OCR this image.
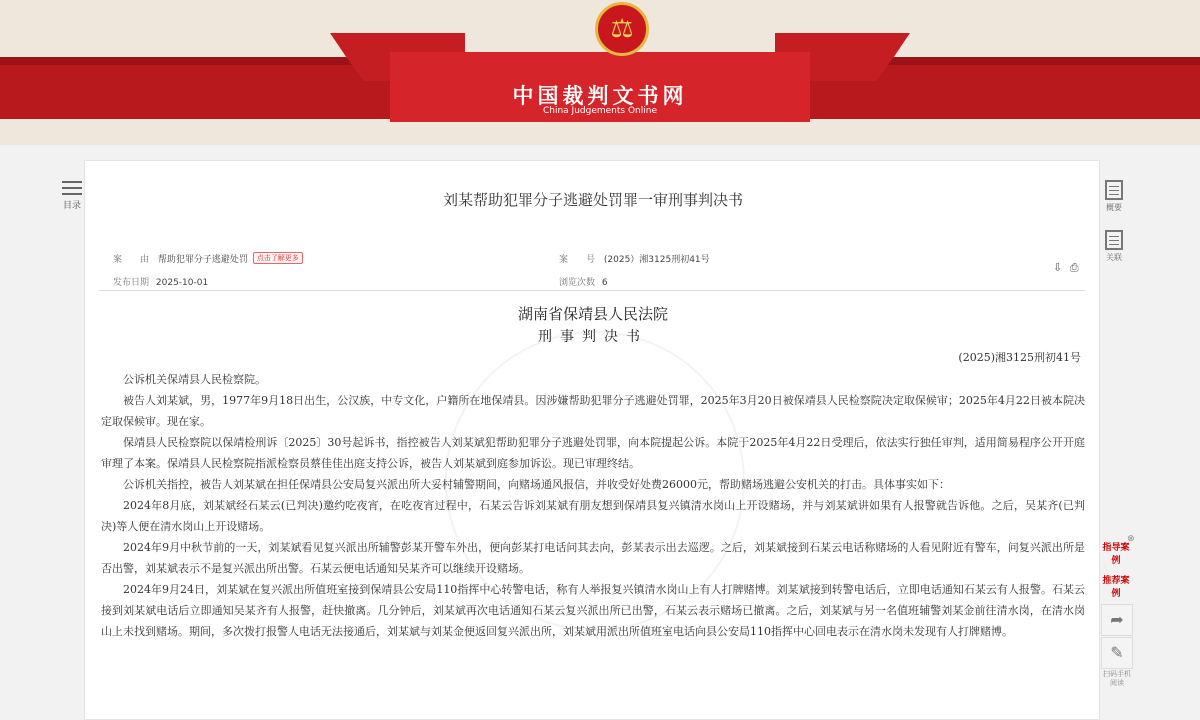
⚖
中国裁判文书网
China Judgements Online
目录	刘某帮助犯罪分子逃避处罚罪一审刑事判决书
案　　由 帮助犯罪分子逃避处罚 点击了解更多	案　　号 (2025）湘3125刑初41号
发布日期 2025-10-01	浏览次数 6
湖南省保靖县人民法院
刑事判决书
(2025)湘3125刑初41号

公诉机关保靖县人民检察院。

被告人刘某斌，男，1977年9月18日出生，公汉族，中专文化，户籍所在地保靖县。因涉嫌帮助犯罪分子逃避处罚罪，2025年3月20日被保靖县人民检察院决定取保候审；2025年4月22日被本院决定取保候审。现在家。

保靖县人民检察院以保靖检刑诉〔2025〕30号起诉书，指控被告人刘某斌犯帮助犯罪分子逃避处罚罪，向本院提起公诉。本院于2025年4月22日受理后，依法实行独任审判，适用简易程序公开开庭审理了本案。保靖县人民检察院指派检察员蔡佳佳出庭支持公诉，被告人刘某斌到庭参加诉讼。现已审理终结。

公诉机关指控，被告人刘某斌在担任保靖县公安局复兴派出所大妥村辅警期间，向赌场通风报信，并收受好处费26000元，帮助赌场逃避公安机关的打击。具体事实如下：

2024年8月底，刘某斌经石某云(已判决)邀约吃夜宵，在吃夜宵过程中，石某云告诉刘某斌有朋友想到保靖县复兴镇清水岗山上开设赌场，并与刘某斌讲如果有人报警就告诉他。之后，吴某齐(已判决)等人便在清水岗山上开设赌场。

2024年9月中秋节前的一天，刘某斌看见复兴派出所辅警彭某开警车外出，便向彭某打电话问其去向，彭某表示出去巡逻。之后，刘某斌接到石某云电话称赌场的人看见附近有警车，问复兴派出所是否出警，刘某斌表示不是复兴派出所出警。石某云便电话通知吴某齐可以继续开设赌场。

2024年9月24日，刘某斌在复兴派出所值班室接到保靖县公安局110指挥中心转警电话，称有人举报复兴镇清水岗山上有人打牌赌博。刘某斌接到转警电话后，立即电话通知石某云有人报警。石某云接到刘某斌电话后立即通知吴某齐有人报警，赶快撤离。几分钟后，刘某斌再次电话通知石某云复兴派出所已出警，石某云表示赌场已撤离。之后，刘某斌与另一名值班辅警刘某金前往清水岗，在清水岗山上未找到赌场。期间，多次拨打报警人电话无法接通后，刘某斌与刘某金便返回复兴派出所，刘某斌用派出所值班室电话向县公安局110指挥中心回电表示在清水岗未发现有人打牌赌博。

⇩ ⎙
概要
关联
⊗
指导案例
推荐案例
➦
✎
扫码手机阅读
